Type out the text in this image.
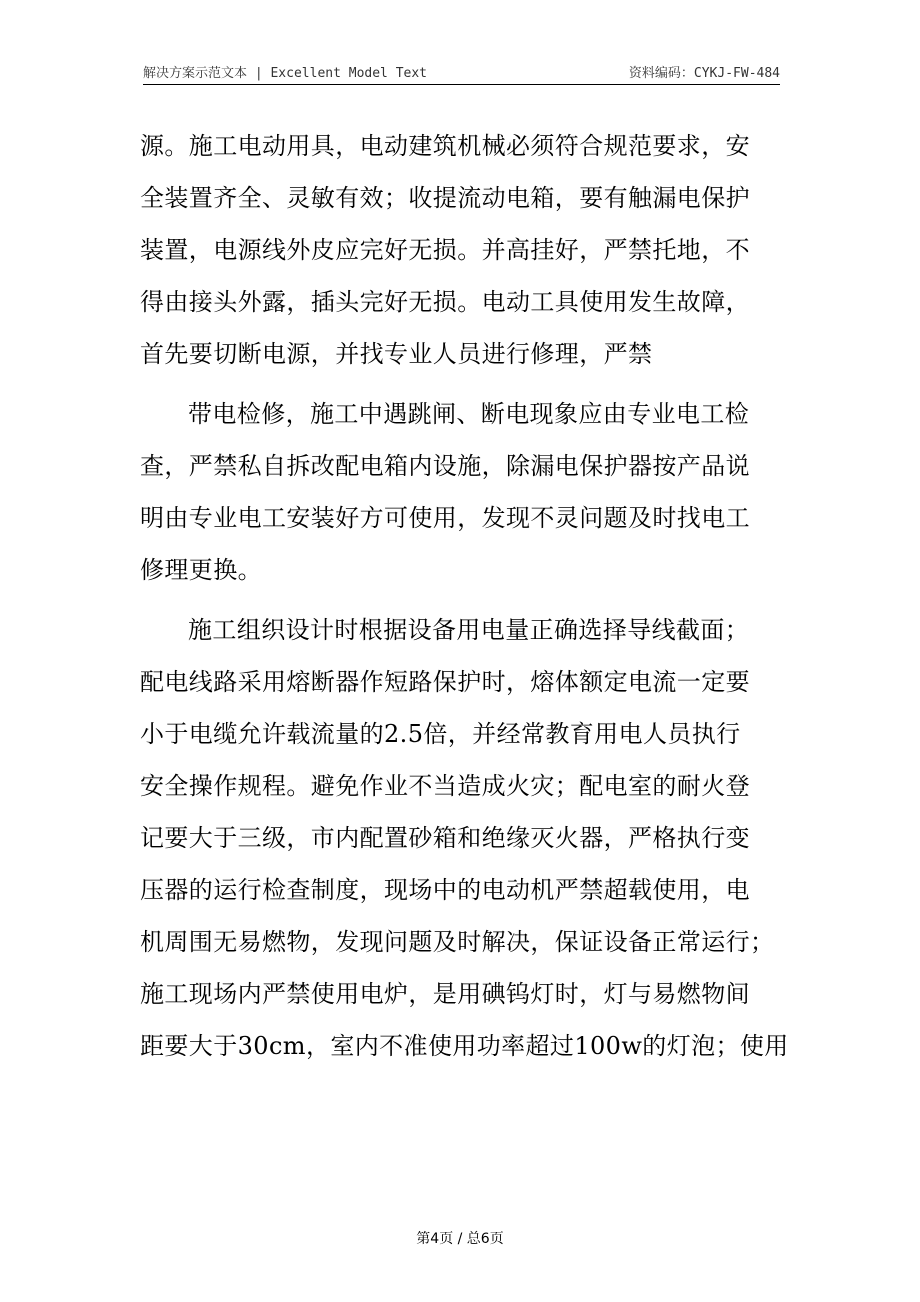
解决方案示范文本 | Excellent Model Text	资料编码：CYKJ-FW-484
源。施工电动用具，电动建筑机械必须符合规范要求，安
全装置齐全、灵敏有效；收提流动电箱，要有触漏电保护
装置，电源线外皮应完好无损。并高挂好，严禁托地，不
得由接头外露，插头完好无损。电动工具使用发生故障，
首先要切断电源，并找专业人员进行修理，严禁
带电检修，施工中遇跳闸、断电现象应由专业电工检
查，严禁私自拆改配电箱内设施，除漏电保护器按产品说
明由专业电工安装好方可使用，发现不灵问题及时找电工
修理更换。
施工组织设计时根据设备用电量正确选择导线截面；
配电线路采用熔断器作短路保护时，熔体额定电流一定要
小于电缆允许载流量的2.5倍，并经常教育用电人员执行
安全操作规程。避免作业不当造成火灾；配电室的耐火登
记要大于三级，市内配置砂箱和绝缘灭火器，严格执行变
压器的运行检查制度，现场中的电动机严禁超载使用，电
机周围无易燃物，发现问题及时解决，保证设备正常运行；
施工现场内严禁使用电炉，是用碘钨灯时，灯与易燃物间
距要大于30cm，室内不准使用功率超过100w的灯泡；使用
第4页 / 总6页
